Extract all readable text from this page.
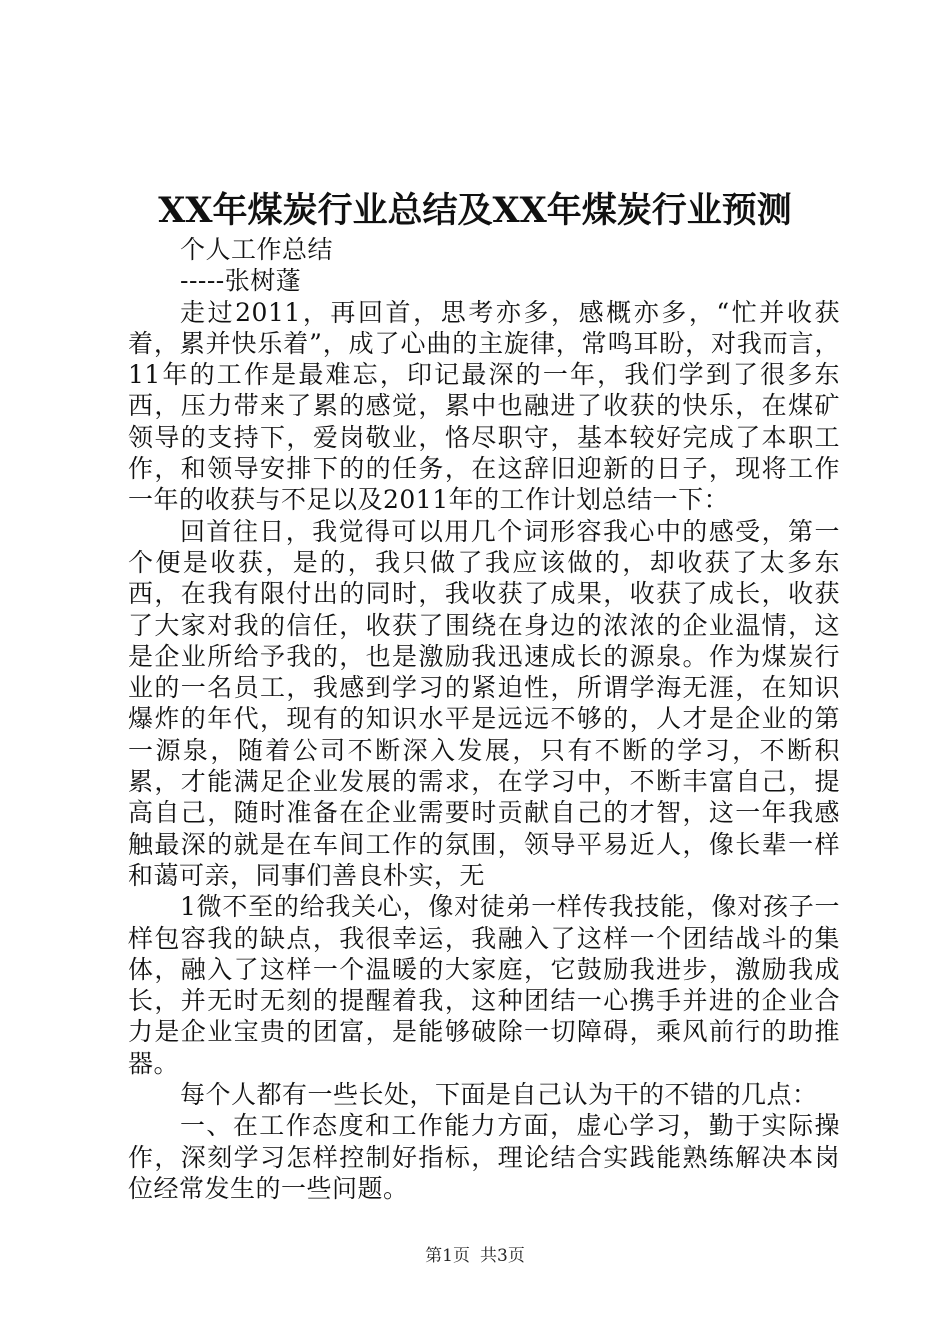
XX年煤炭行业总结及XX年煤炭行业预测

个人工作总结

-----张树蓬

走过2011，再回首，思考亦多，感概亦多，“忙并收获着，累并快乐着”，成了心曲的主旋律，常鸣耳盼，对我而言，11年的工作是最难忘，印记最深的一年，我们学到了很多东西，压力带来了累的感觉，累中也融进了收获的快乐，在煤矿领导的支持下，爱岗敬业，恪尽职守，基本较好完成了本职工作，和领导安排下的的任务，在这辞旧迎新的日子，现将工作一年的收获与不足以及2011年的工作计划总结一下：

回首往日，我觉得可以用几个词形容我心中的感受，第一个便是收获，是的，我只做了我应该做的，却收获了太多东西，在我有限付出的同时，我收获了成果，收获了成长，收获了大家对我的信任，收获了围绕在身边的浓浓的企业温情，这是企业所给予我的，也是激励我迅速成长的源泉。作为煤炭行业的一名员工，我感到学习的紧迫性，所谓学海无涯，在知识爆炸的年代，现有的知识水平是远远不够的，人才是企业的第一源泉，随着公司不断深入发展，只有不断的学习，不断积累，才能满足企业发展的需求，在学习中，不断丰富自己，提高自己，随时准备在企业需要时贡献自己的才智，这一年我感触最深的就是在车间工作的氛围，领导平易近人，像长辈一样和蔼可亲，同事们善良朴实，无

1微不至的给我关心，像对徒弟一样传我技能，像对孩子一样包容我的缺点，我很幸运，我融入了这样一个团结战斗的集体，融入了这样一个温暖的大家庭，它鼓励我进步，激励我成长，并无时无刻的提醒着我，这种团结一心携手并进的企业合力是企业宝贵的团富，是能够破除一切障碍，乘风前行的助推器。

每个人都有一些长处，下面是自己认为干的不错的几点：

一、在工作态度和工作能力方面，虚心学习，勤于实际操作，深刻学习怎样控制好指标，理论结合实践能熟练解决本岗位经常发生的一些问题。

第1页 共3页
